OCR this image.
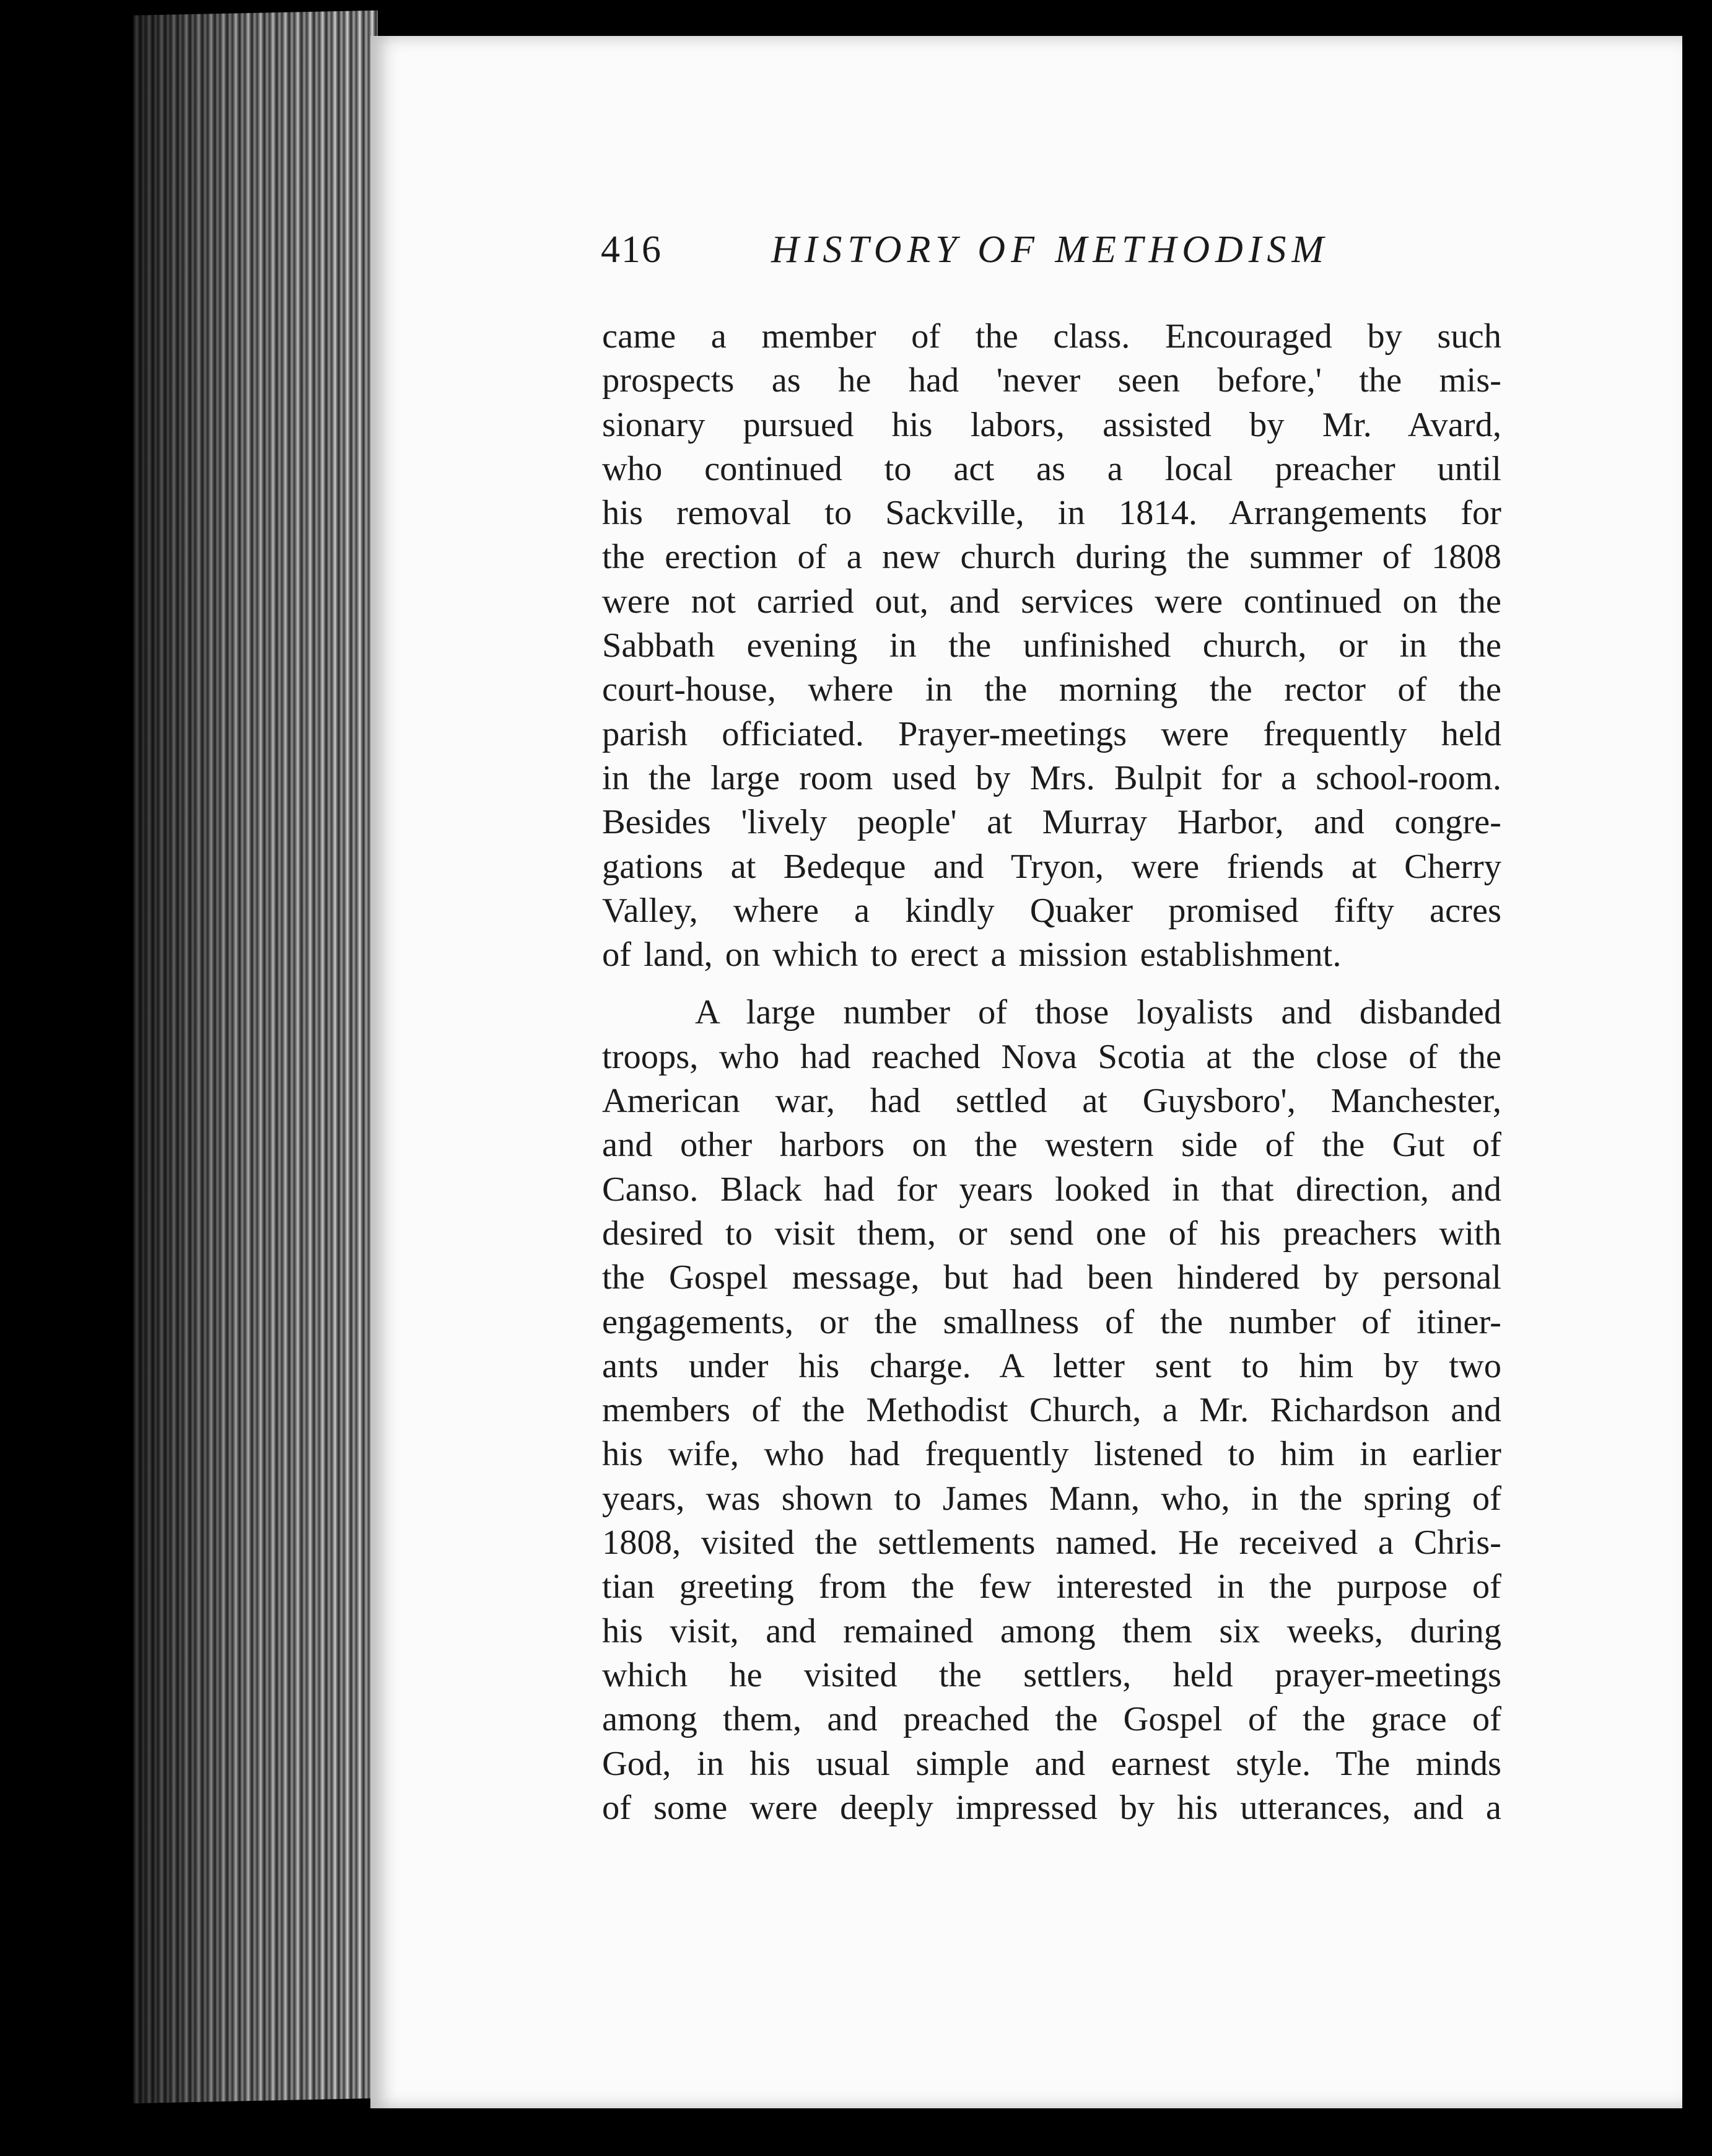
416	HISTORY OF METHODISM
came a member of the class. Encouraged by such
prospects as he had 'never seen before,' the mis-
sionary pursued his labors, assisted by Mr. Avard,
who continued to act as a local preacher until
his removal to Sackville, in 1814. Arrangements for
the erection of a new church during the summer of 1808
were not carried out, and services were continued on the
Sabbath evening in the unfinished church, or in the
court-house, where in the morning the rector of the
parish officiated. Prayer-meetings were frequently held
in the large room used by Mrs. Bulpit for a school-room.
Besides 'lively people' at Murray Harbor, and congre-
gations at Bedeque and Tryon, were friends at Cherry
Valley, where a kindly Quaker promised fifty acres
of land, on which to erect a mission establishment.
A large number of those loyalists and disbanded
troops, who had reached Nova Scotia at the close of the
American war, had settled at Guysboro', Manchester,
and other harbors on the western side of the Gut of
Canso. Black had for years looked in that direction, and
desired to visit them, or send one of his preachers with
the Gospel message, but had been hindered by personal
engagements, or the smallness of the number of itiner-
ants under his charge. A letter sent to him by two
members of the Methodist Church, a Mr. Richardson and
his wife, who had frequently listened to him in earlier
years, was shown to James Mann, who, in the spring of
1808, visited the settlements named. He received a Chris-
tian greeting from the few interested in the purpose of
his visit, and remained among them six weeks, during
which he visited the settlers, held prayer-meetings
among them, and preached the Gospel of the grace of
God, in his usual simple and earnest style. The minds
of some were deeply impressed by his utterances, and a
